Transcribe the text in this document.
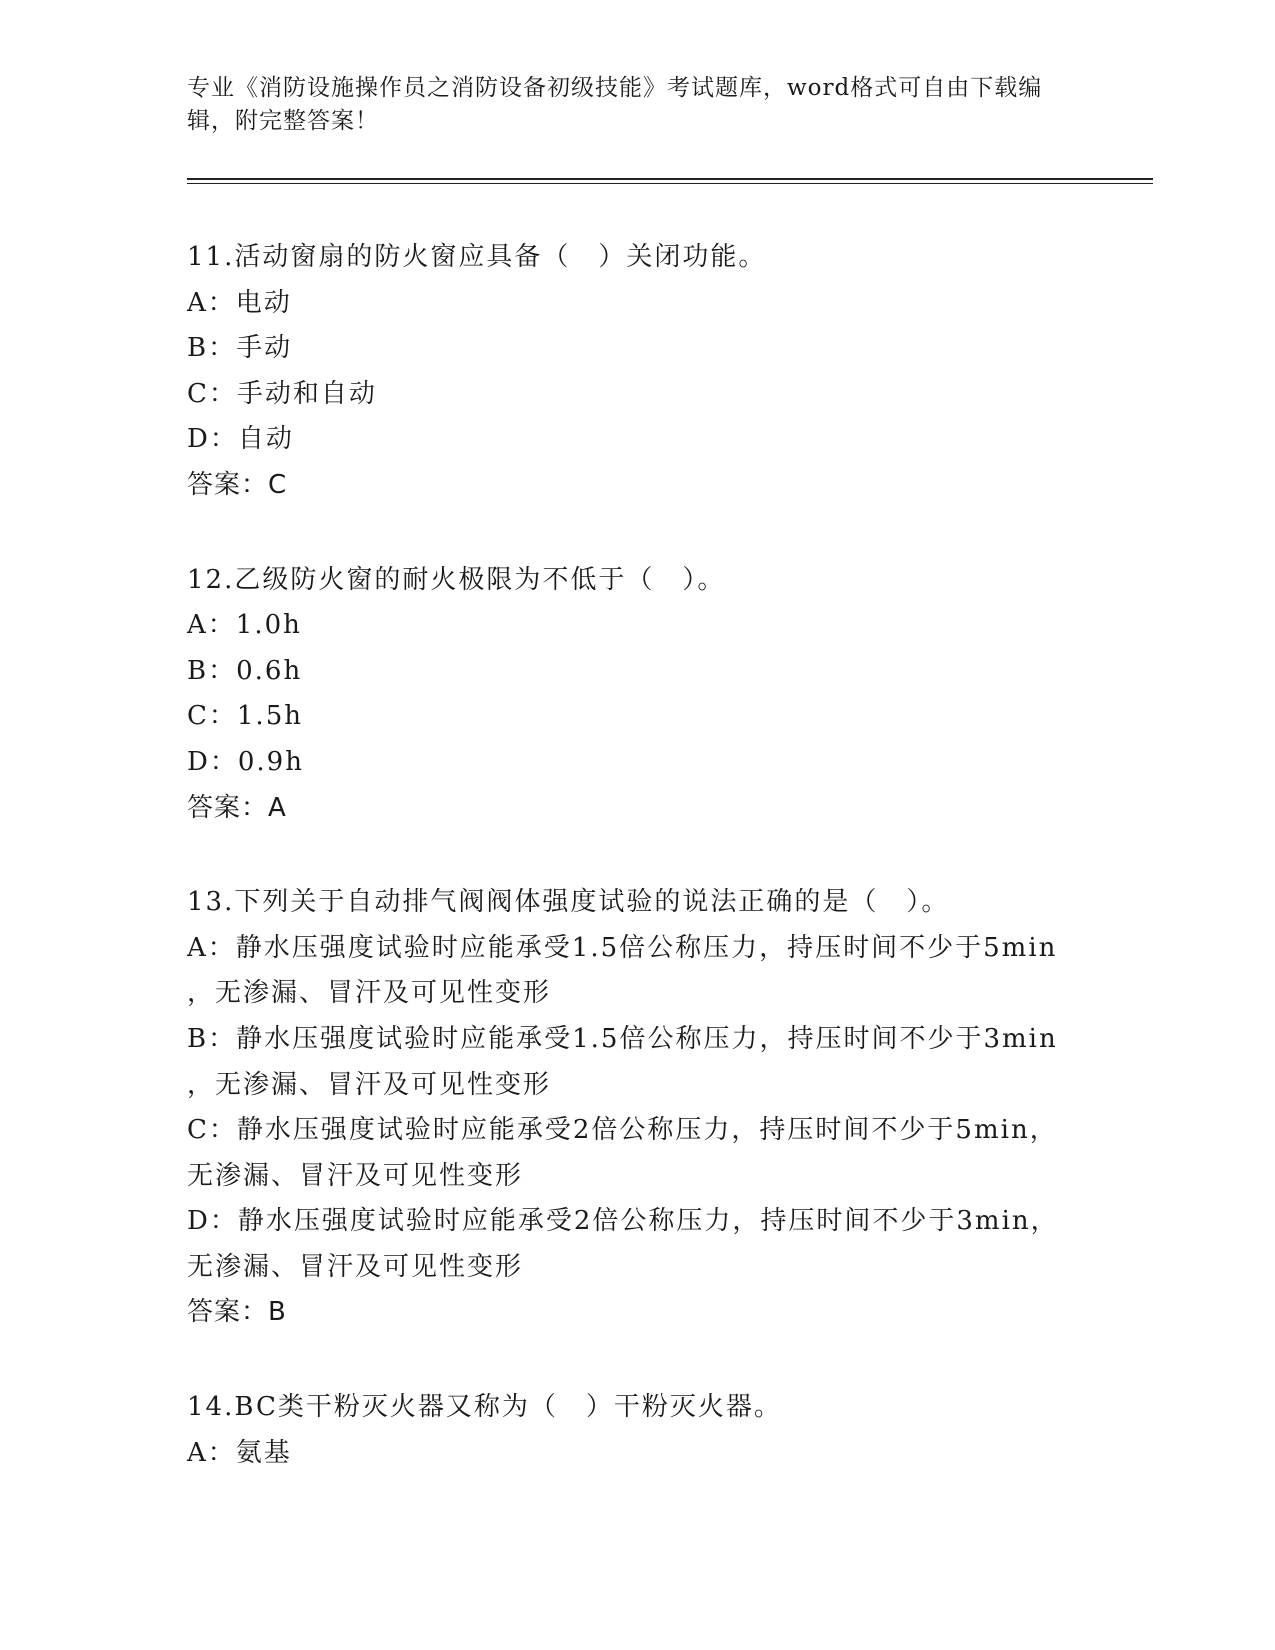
专业《消防设施操作员之消防设备初级技能》考试题库，word格式可自由下载编
辑，附完整答案！
11.活动窗扇的防火窗应具备（　）关闭功能。
A：电动
B：手动
C：手动和自动
D：自动
答案：C
12.乙级防火窗的耐火极限为不低于（　）。
A：1.0h
B：0.6h
C：1.5h
D：0.9h
答案：A
13.下列关于自动排气阀阀体强度试验的说法正确的是（　）。
A：静水压强度试验时应能承受1.5倍公称压力，持压时间不少于5min
，无渗漏、冒汗及可见性变形
B：静水压强度试验时应能承受1.5倍公称压力，持压时间不少于3min
，无渗漏、冒汗及可见性变形
C：静水压强度试验时应能承受2倍公称压力，持压时间不少于5min，
无渗漏、冒汗及可见性变形
D：静水压强度试验时应能承受2倍公称压力，持压时间不少于3min，
无渗漏、冒汗及可见性变形
答案：B
14.BC类干粉灭火器又称为（　）干粉灭火器。
A：氨基
